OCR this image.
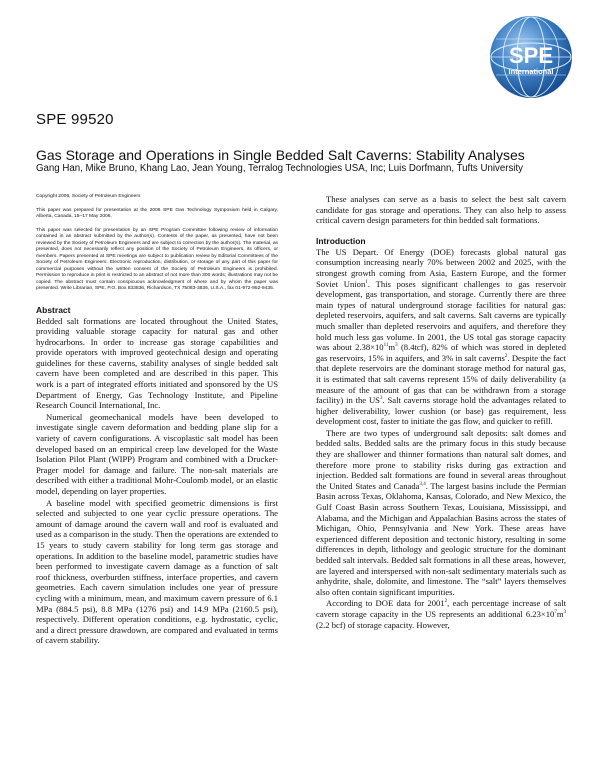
SPE
International
SPE 99520
Gas Storage and Operations in Single Bedded Salt Caverns: Stability Analyses
Gang Han, Mike Bruno, Khang Lao, Jean Young, Terralog Technologies USA, Inc; Luis Dorfmann, Tufts University

Copyright 2006, Society of Petroleum Engineers

This paper was prepared for presentation at the 2006 SPE Gas Technology Symposium held in Calgary, Alberta, Canada, 15–17 May 2006.

This paper was selected for presentation by an SPE Program Committee following review of information contained in an abstract submitted by the author(s). Contents of the paper, as presented, have not been reviewed by the Society of Petroleum Engineers and are subject to correction by the author(s). The material, as presented, does not necessarily reflect any position of the Society of Petroleum Engineers, its officers, or members. Papers presented at SPE meetings are subject to publication review by Editorial Committees of the Society of Petroleum Engineers. Electronic reproduction, distribution, or storage of any part of this paper for commercial purposes without the written consent of the Society of Petroleum Engineers is prohibited. Permission to reproduce in print is restricted to an abstract of not more than 300 words; illustrations may not be copied. The abstract must contain conspicuous acknowledgment of where and by whom the paper was presented. Write Librarian, SPE, P.O. Box 833836, Richardson, TX 75083-3836, U.S.A., fax 01-972-952-9435.

Abstract

Bedded salt formations are located throughout the United States, providing valuable storage capacity for natural gas and other hydrocarbons. In order to increase gas storage capabilities and provide operators with improved geotechnical design and operating guidelines for these caverns, stability analyses of single bedded salt cavern have been completed and are described in this paper. This work is a part of integrated efforts initiated and sponsored by the US Department of Energy, Gas Technology Institute, and Pipeline Research Council International, Inc.

Numerical geomechanical models have been developed to investigate single cavern deformation and bedding plane slip for a variety of cavern configurations. A viscoplastic salt model has been developed based on an empirical creep law developed for the Waste Isolation Pilot Plant (WIPP) Program and combined with a Drucker-Prager model for damage and failure. The non-salt materials are described with either a traditional Mohr-Coulomb model, or an elastic model, depending on layer properties.

A baseline model with specified geometric dimensions is first selected and subjected to one year cyclic pressure operations. The amount of damage around the cavern wall and roof is evaluated and used as a comparison in the study. Then the operations are extended to 15 years to study cavern stability for long term gas storage and operations. In addition to the baseline model, parametric studies have been performed to investigate cavern damage as a function of salt roof thickness, overburden stiffness, interface properties, and cavern geometries. Each cavern simulation includes one year of pressure cycling with a minimum, mean, and maximum cavern pressure of 6.1 MPa (884.5 psi), 8.8 MPa (1276 psi) and 14.9 MPa (2160.5 psi), respectively. Different operation conditions, e.g. hydrostatic, cyclic, and a direct pressure drawdown, are compared and evaluated in terms of cavern stability.

These analyses can serve as a basis to select the best salt cavern candidate for gas storage and operations. They can also help to assess critical cavern design parameters for thin bedded salt formations.

Introduction

The US Depart. Of Energy (DOE) forecasts global natural gas consumption increasing nearly 70% between 2002 and 2025, with the strongest growth coming from Asia, Eastern Europe, and the former Soviet Union$^1$. This poses significant challenges to gas reservoir development, gas transportation, and storage. Currently there are three main types of natural underground storage facilities for natural gas: depleted reservoirs, aquifers, and salt caverns. Salt caverns are typically much smaller than depleted reservoirs and aquifers, and therefore they hold much less gas volume. In 2001, the US total gas storage capacity was about $2.38\times 10^{11}m^3$ (8.4tcf), 82% of which was stored in depleted gas reservoirs, 15% in aquifers, and 3% in salt caverns$^2$. Despite the fact that deplete reservoirs are the dominant storage method for natural gas, it is estimated that salt caverns represent 15% of daily deliverability (a measure of the amount of gas that can be withdrawn from a storage facility) in the $US^3$. Salt caverns storage hold the advantages related to higher deliverability, lower cushion (or base) gas requirement, less development cost, faster to initiate the gas flow, and quicker to refill.

There are two types of underground salt deposits: salt domes and bedded salts. Bedded salts are the primary focus in this study because they are shallower and thinner formations than natural salt domes, and therefore more prone to stability risks during gas extraction and injection. Bedded salt formations are found in several areas throughout the United States and Canada$^{3,4}$. The largest basins include the Permian Basin across Texas, Oklahoma, Kansas, Colorado, and New Mexico, the Gulf Coast Basin across Southern Texas, Louisiana, Mississippi, and Alabama, and the Michigan and Appalachian Basins across the states of Michigan, Ohio, Pennsylvania and New York. These areas have experienced different deposition and tectonic history, resulting in some differences in depth, lithology and geologic structure for the dominant bedded salt intervals. Bedded salt formations in all these areas, however, are layered and interspersed with non-salt sedimentary materials such as anhydrite, shale, dolomite, and limestone. The “salt” layers themselves also often contain significant impurities.

According to DOE data for 2001$^2$, each percentage increase of salt cavern storage capacity in the US represents an additional $6.23\times 10^7m^3$ (2.2 bcf) of storage capacity. However,
